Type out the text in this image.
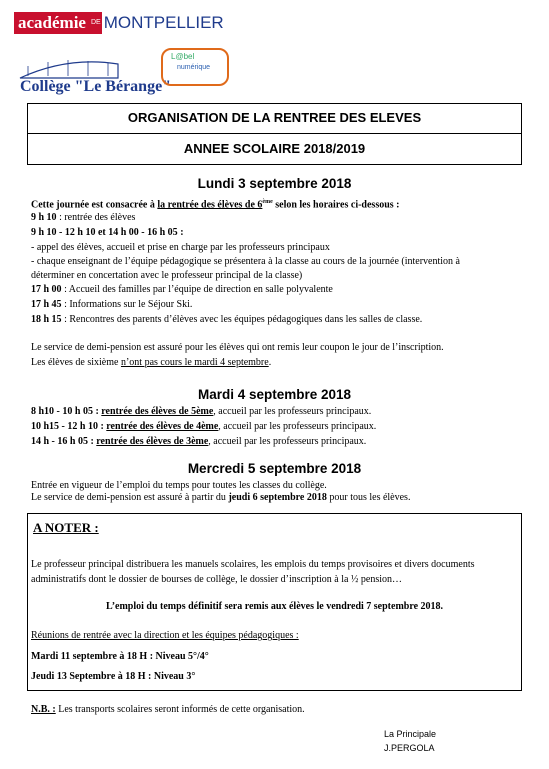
académie DE MONTPELLIER
Collège "Le Bérange"
L@bel
numérique
ORGANISATION DE LA RENTREE DES ELEVES
ANNEE SCOLAIRE 2018/2019
Lundi 3 septembre 2018
Cette journée est consacrée à la rentrée des élèves de 6ème selon les horaires ci-dessous :
9 h 10 : rentrée des élèves
9 h 10 - 12 h 10 et 14 h 00 - 16 h 05 :
- appel des élèves, accueil et prise en charge par les professeurs principaux
- chaque enseignant de l’équipe pédagogique se présentera à la classe au cours de la journée (intervention à
déterminer en concertation avec le professeur principal de la classe)
17 h 00 : Accueil des familles par l’équipe de direction en salle polyvalente
17 h 45 : Informations sur le Séjour Ski.
18 h 15 : Rencontres des parents d’élèves avec les équipes pédagogiques dans les salles de classe.
Le service de demi-pension est assuré pour les élèves qui ont remis leur coupon le jour de l’inscription.
Les élèves de sixième n’ont pas cours le mardi 4 septembre.
Mardi 4 septembre 2018
8 h10 - 10 h 05 : rentrée des élèves de 5ème, accueil par les professeurs principaux.
10 h15 - 12 h 10 : rentrée des élèves de 4ème, accueil par les professeurs principaux.
14 h - 16 h 05 : rentrée des élèves de 3ème, accueil par les professeurs principaux.
Mercredi 5 septembre 2018
Entrée en vigueur de l’emploi du temps pour toutes les classes du collège.
Le service de demi-pension est assuré à partir du jeudi 6 septembre 2018 pour tous les élèves.
A NOTER :
Le professeur principal distribuera les manuels scolaires, les emplois du temps provisoires et divers documents
administratifs dont le dossier de bourses de collège, le dossier d’inscription à la ½ pension…
L’emploi du temps définitif sera remis aux élèves le vendredi 7 septembre 2018.
Réunions de rentrée avec la direction et les équipes pédagogiques :
Mardi 11 septembre à 18 H : Niveau 5°/4°
Jeudi 13 Septembre à 18 H : Niveau 3°
N.B. : Les transports scolaires seront informés de cette organisation.
La Principale
J.PERGOLA
